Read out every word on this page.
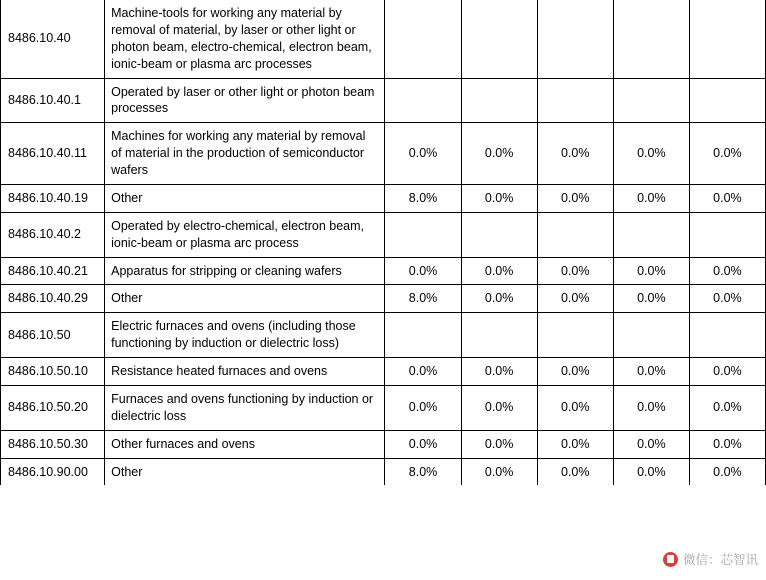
8486.10.40	Machine-tools for working any material by removal of material, by laser or other light or photon beam, electro-chemical, electron beam, ionic-beam or plasma arc processes					
8486.10.40.1	Operated by laser or other light or photon beam processes					
8486.10.40.11	Machines for working any material by removal of material in the production of semiconductor wafers	0.0%	0.0%	0.0%	0.0%	0.0%
8486.10.40.19	Other	8.0%	0.0%	0.0%	0.0%	0.0%
8486.10.40.2	Operated by electro-chemical, electron beam, ionic-beam or plasma arc process					
8486.10.40.21	Apparatus for stripping or cleaning wafers	0.0%	0.0%	0.0%	0.0%	0.0%
8486.10.40.29	Other	8.0%	0.0%	0.0%	0.0%	0.0%
8486.10.50	Electric furnaces and ovens (including those functioning by induction or dielectric loss)					
8486.10.50.10	Resistance heated furnaces and ovens	0.0%	0.0%	0.0%	0.0%	0.0%
8486.10.50.20	Furnaces and ovens functioning by induction or dielectric loss	0.0%	0.0%	0.0%	0.0%	0.0%
8486.10.50.30	Other furnaces and ovens	0.0%	0.0%	0.0%	0.0%	0.0%
8486.10.90.00	Other	8.0%	0.0%	0.0%	0.0%	0.0%
微信：芯智讯
